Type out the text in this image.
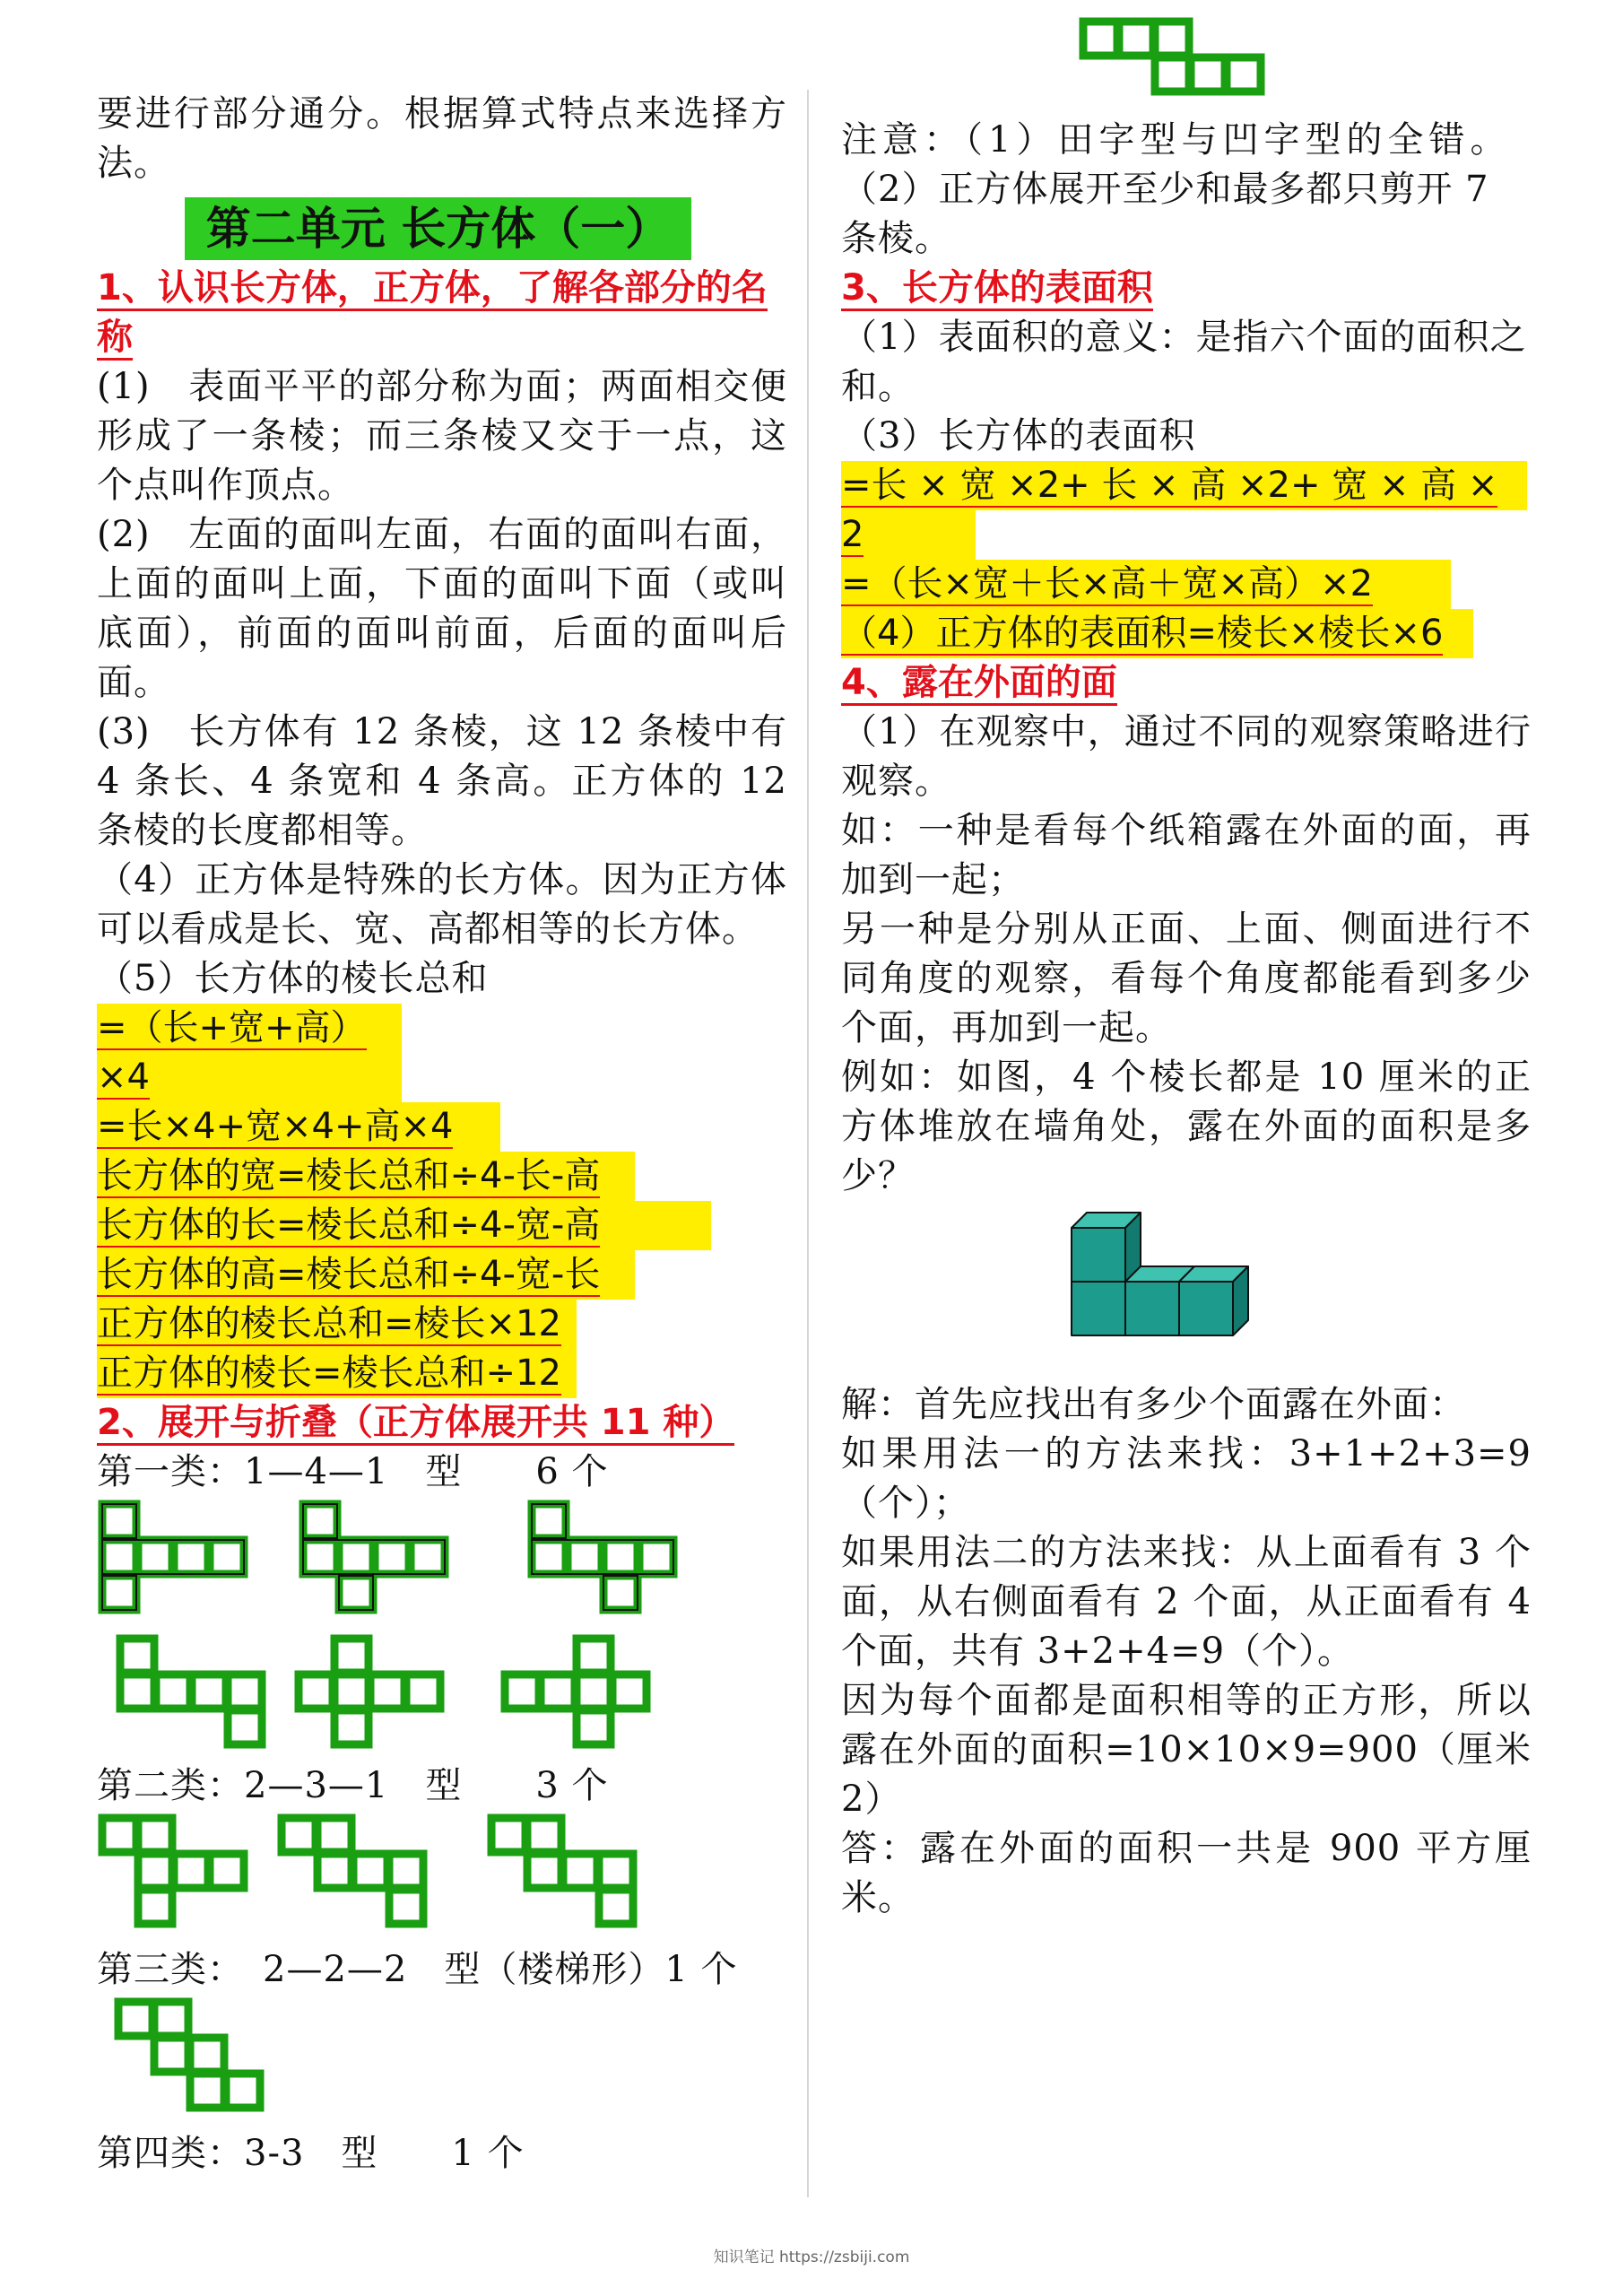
要进行部分通分。根据算式特点来选择方法。

第二单元 长方体（一）
1、认识长方体，正方体，了解各部分的名称

(1)　表面平平的部分称为面；两面相交便形成了一条棱；而三条棱又交于一点，这个点叫作顶点。

(2)　左面的面叫左面，右面的面叫右面，上面的面叫上面，下面的面叫下面（或叫底面），前面的面叫前面，后面的面叫后面。

(3)　长方体有 12 条棱，这 12 条棱中有 4 条长、4 条宽和 4 条高。正方体的 12 条棱的长度都相等。

（4）正方体是特殊的长方体。因为正方体可以看成是长、宽、高都相等的长方体。

（5）长方体的棱长总和

=（长+宽+高）×4
=长×4+宽×4+高×4
长方体的宽=棱长总和÷4-长-高
长方体的长=棱长总和÷4-宽-高
长方体的高=棱长总和÷4-宽-长
正方体的棱长总和=棱长×12
正方体的棱长=棱长总和÷12
2、展开与折叠（正方体展开共 11 种）

第一类：1—4—1　型　　6 个

第二类：2—3—1　型　　3 个

第三类：　2—2—2　型（楼梯形）1 个

第四类：3-3　型　　1 个

注意：（1）田字型与凹字型的全错。

（2）正方体展开至少和最多都只剪开 7 条棱。

3、长方体的表面积

（1）表面积的意义：是指六个面的面积之和。

（3）长方体的表面积

=长 × 宽 ×2+ 长 × 高 ×2+ 宽 × 高 ×
2
=（长×宽＋长×高＋宽×高）×2
（4）正方体的表面积=棱长×棱长×6
4、露在外面的面

（1）在观察中，通过不同的观察策略进行观察。

如：一种是看每个纸箱露在外面的面，再加到一起；

另一种是分别从正面、上面、侧面进行不同角度的观察，看每个角度都能看到多少个面，再加到一起。

例如：如图，4 个棱长都是 10 厘米的正方体堆放在墙角处，露在外面的面积是多少？

解：首先应找出有多少个面露在外面：

如果用法一的方法来找：3+1+2+3=9（个）；

如果用法二的方法来找：从上面看有 3 个面，从右侧面看有 2 个面，从正面看有 4 个面，共有 3+2+4=9（个）。

因为每个面都是面积相等的正方形，所以露在外面的面积=10×10×9=900（厘米 2）

答：露在外面的面积一共是 900 平方厘米。

知识笔记 https://zsbiji.com
